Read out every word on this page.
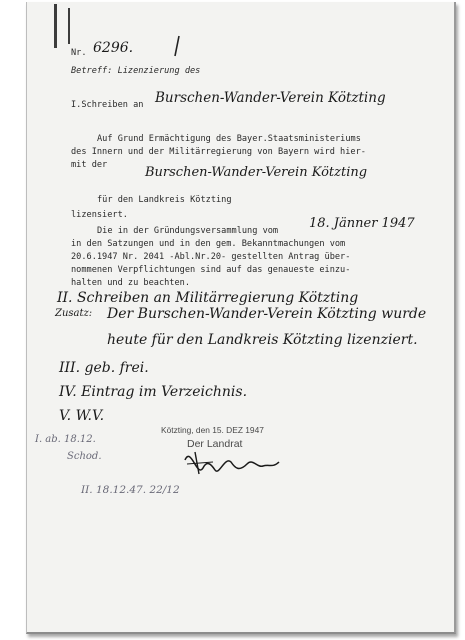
Nr. 6296.
Betreff: Lizenzierung des
I.Schreiben an Burschen-Wander-Verein Kötzting
Auf Grund Ermächtigung des Bayer.Staatsministeriums
des Innern und der Militärregierung von Bayern wird hier-
mit der	Burschen-Wander-Verein Kötzting
für den Landkreis Kötzting
lizensiert.
Die in der Gründungsversammlung vom 18. Jänner 1947
in den Satzungen und in den gem. Bekanntmachungen vom
20.6.1947 Nr. 2041 -Abl.Nr.20- gestellten Antrag über-
nommenen Verpflichtungen sind auf das genaueste einzu-
halten und zu beachten.
II. Schreiben an Militärregierung Kötzting
Zusatz: Der Burschen-Wander-Verein Kötzting wurde
heute für den Landkreis Kötzting lizenziert.
III. geb. frei.
IV. Eintrag im Verzeichnis.
V. W.V.
Kötzting, den 15. DEZ 1947
Der Landrat
I. ab. 18.12.
Schod.
II. 18.12.47. 22/12
